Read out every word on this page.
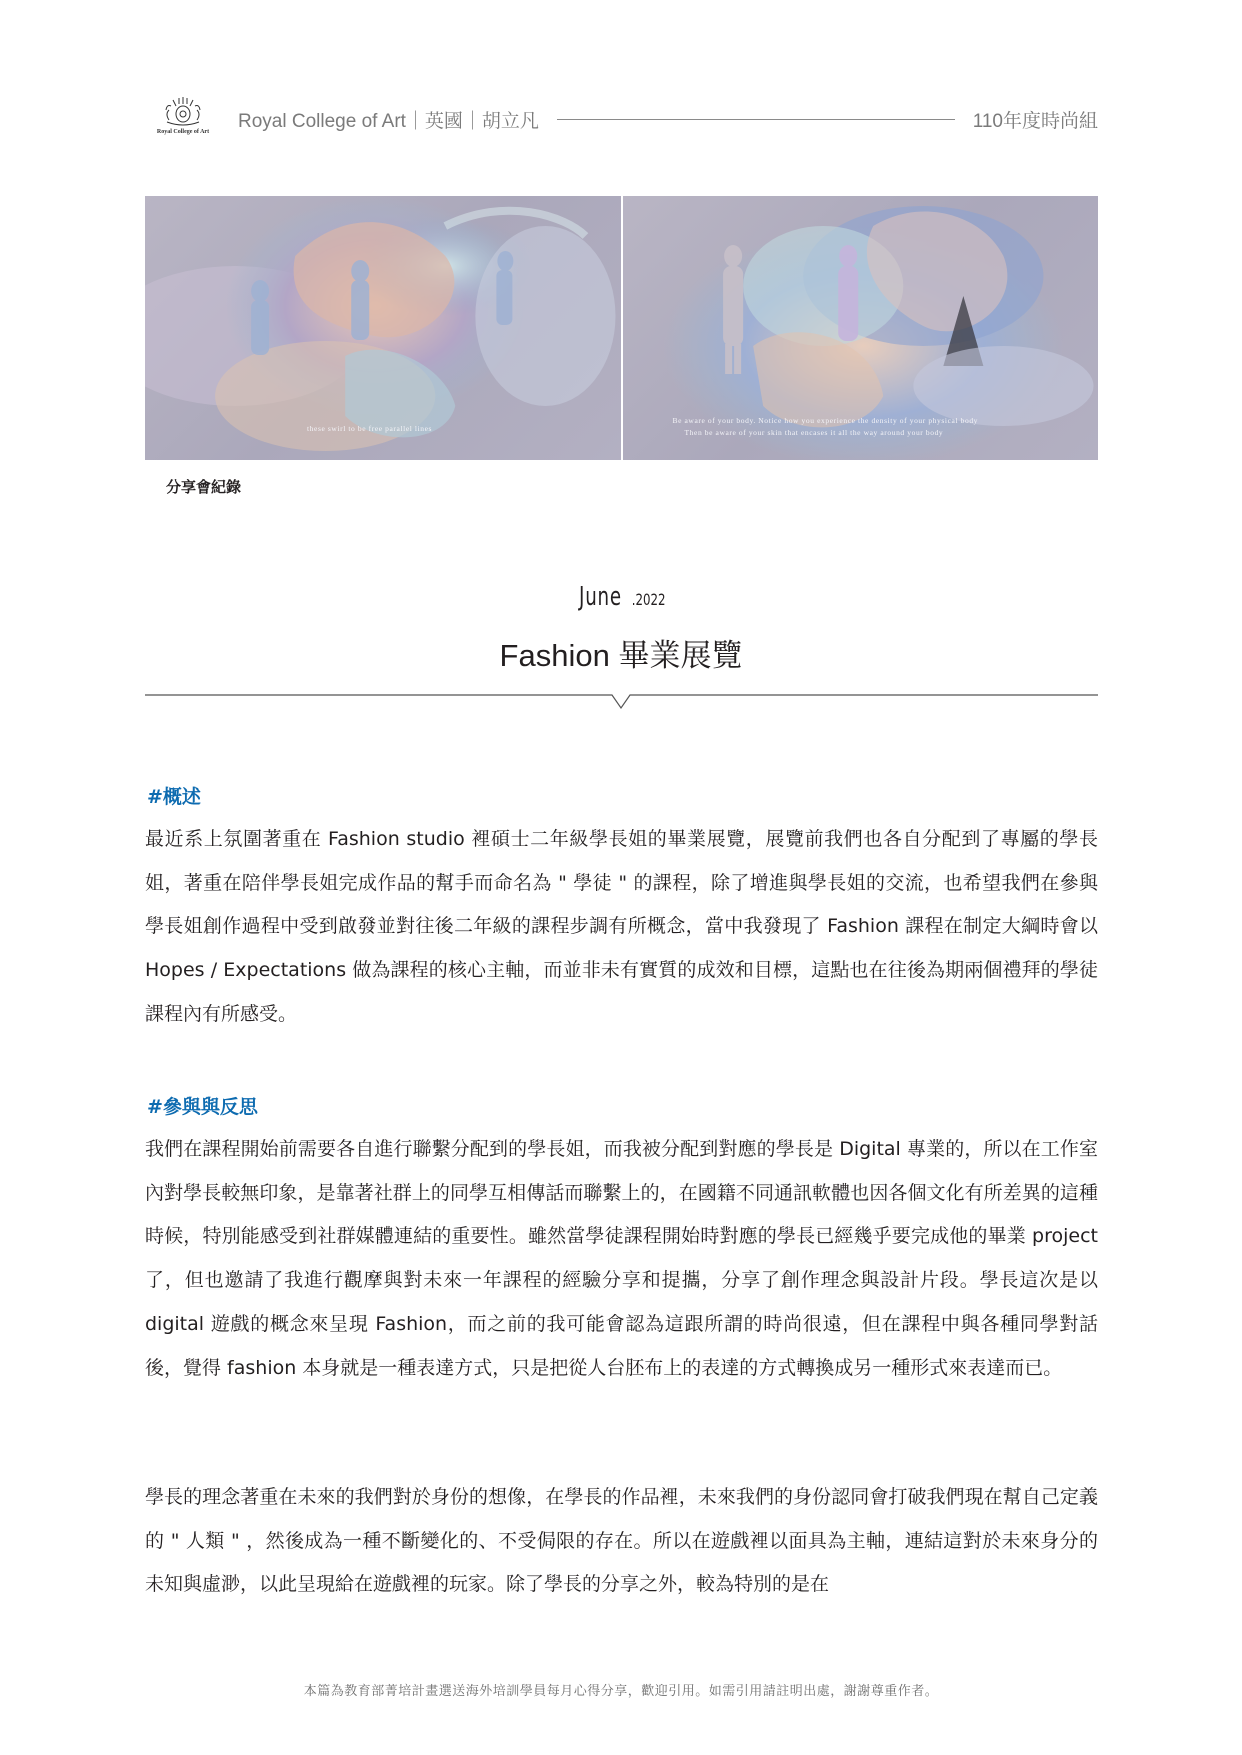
Royal College of Art
Royal College of Art｜英國｜胡立凡	110年度時尚組
these swirl to be free parallel lines
Be aware of your body. Notice how you experience the density of your physical body
Then be aware of your skin that encases it all the way around your body
分享會紀錄
June .2022
Fashion 畢業展覽
#概述
最近系上氛圍著重在 Fashion studio 裡碩士二年級學長姐的畢業展覽，展覽前我們也各自分配到了專屬的學長姐，著重在陪伴學長姐完成作品的幫手而命名為 " 學徒 " 的課程，除了增進與學長姐的交流，也希望我們在參與學長姐創作過程中受到啟發並對往後二年級的課程步調有所概念，當中我發現了 Fashion 課程在制定大綱時會以 Hopes / Expectations 做為課程的核心主軸，而並非未有實質的成效和目標，這點也在往後為期兩個禮拜的學徒課程內有所感受。
#參與與反思
我們在課程開始前需要各自進行聯繫分配到的學長姐，而我被分配到對應的學長是 Digital 專業的，所以在工作室內對學長較無印象，是靠著社群上的同學互相傳話而聯繫上的，在國籍不同通訊軟體也因各個文化有所差異的這種時候，特別能感受到社群媒體連結的重要性。雖然當學徒課程開始時對應的學長已經幾乎要完成他的畢業 project 了，但也邀請了我進行觀摩與對未來一年課程的經驗分享和提攜，分享了創作理念與設計片段。學長這次是以 digital 遊戲的概念來呈現 Fashion，而之前的我可能會認為這跟所謂的時尚很遠，但在課程中與各種同學對話後，覺得 fashion 本身就是一種表達方式，只是把從人台胚布上的表達的方式轉換成另一種形式來表達而已。
學長的理念著重在未來的我們對於身份的想像，在學長的作品裡，未來我們的身份認同會打破我們現在幫自己定義的 " 人類 " ，然後成為一種不斷變化的、不受侷限的存在。所以在遊戲裡以面具為主軸，連結這對於未來身分的未知與虛渺，以此呈現給在遊戲裡的玩家。除了學長的分享之外，較為特別的是在
本篇為教育部菁培計畫選送海外培訓學員每月心得分享，歡迎引用。如需引用請註明出處，謝謝尊重作者。
